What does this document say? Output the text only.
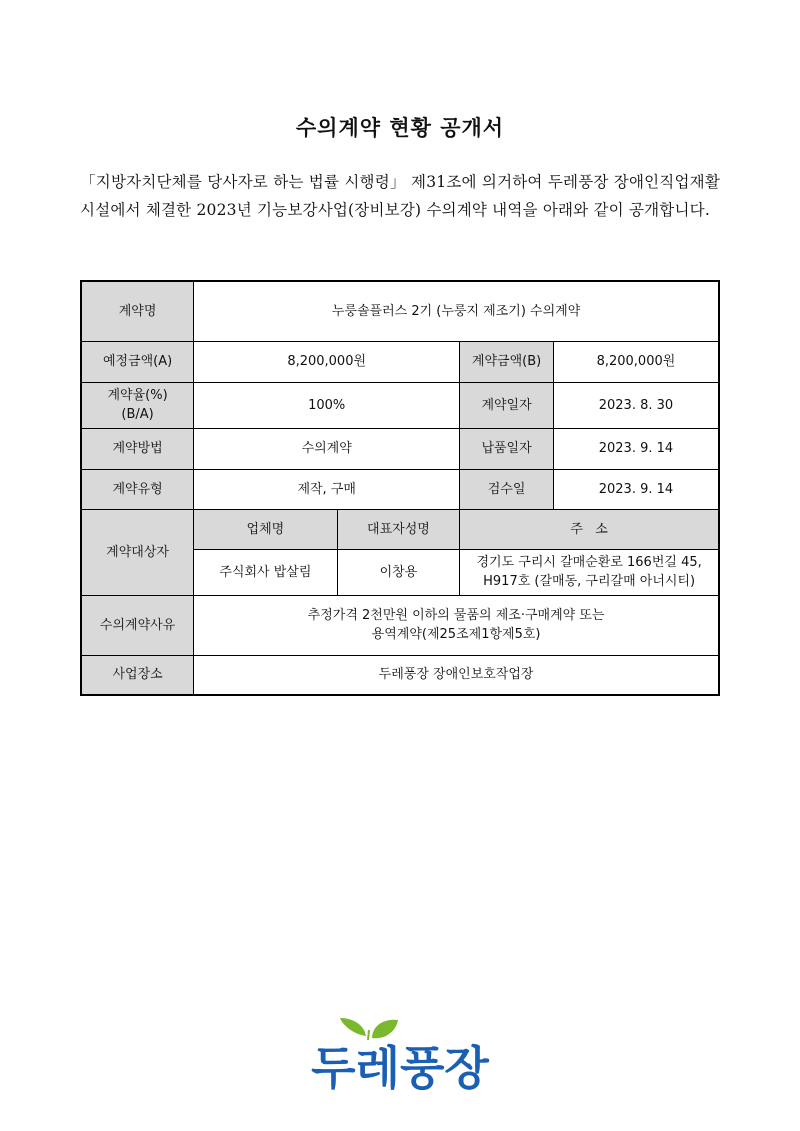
수의계약 현황 공개서
「지방자치단체를 당사자로 하는 법률 시행령」 제31조에 의거하여 두레풍장 장애인직업재활시설에서 체결한 2023년 기능보강사업(장비보강) 수의계약 내역을 아래와 같이 공개합니다.
계약명	누룽솔플러스 2기 (누룽지 제조기) 수의계약			
예정금액(A)	8,200,000원		계약금액(B)	8,200,000원

계약율(%)
(B/A)	100%		계약일자	2023. 8. 30
계약방법	수의계약		납품일자	2023. 9. 14
계약유형	제작, 구매		검수일	2023. 9. 14
계약대상자	업체명	대표자성명	주   소	
	주식회사 밥살림	이창용	경기도 구리시 갈매순환로 166번길 45,
H917호 (갈매동, 구리갈매 아너시티)	

수의계약사유	추정가격 2천만원 이하의 물품의 제조·구매계약 또는
용역계약(제25조제1항제5호)			

사업장소	두레풍장 장애인보호작업장			
두레풍장
